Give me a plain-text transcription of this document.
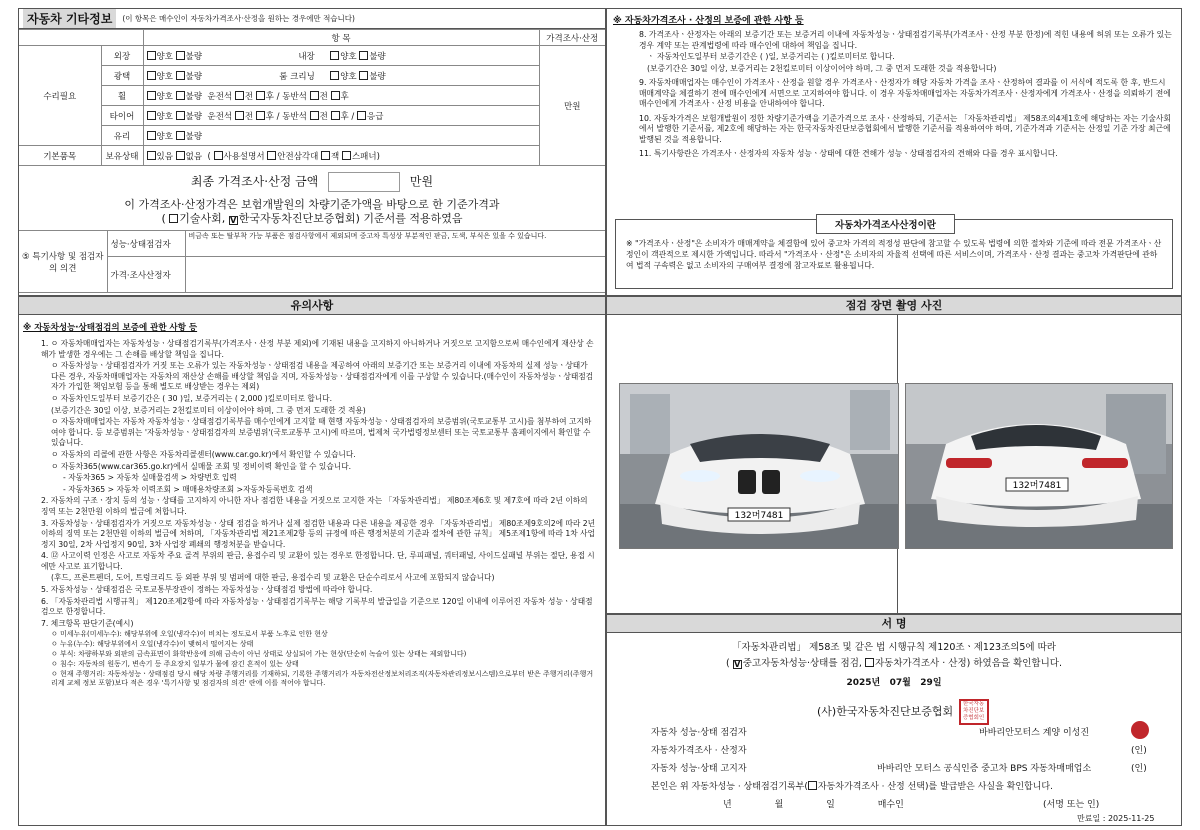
자동차 기타정보	(이 항목은 매수인이 자동차가격조사·산정을 원하는 경우에만 적습니다)
		항 목	가격조사·산정
수리필요	외장	양호 불량 내장 양호 불량	만원
	광택	양호 불량 룸 크리닝 양호 불량	
	휠	양호 불량 운전석 전 후 / 동반석 전 후	
	타이어	양호 불량 운전석 전 후 / 동반석 전 후 / 응급	
	유리	양호 불량	
기본품목	보유상태	있음 없음  ( 사용설명서 안전삼각대 잭 스패너)	
최종 가격조사·산정 금액	만원
이 가격조사·산정가격은 보험개발원의 차량기준가액을 바탕으로 한 기준가격과
( 기술사회, V 한국자동차진단보증협회) 기준서를 적용하였음
⑤ 특기사항 및 점검자의 의견	성능·상태점검자	비금속 또는 탈부착 가능 부품은 점검사항에서 제외되며 중고차 특성상 부분적인 판금, 도색, 부식은 있을 수 있습니다.
	가격·조사산정자	
※ 자동차가격조사 · 산정의 보증에 관한 사항 등

8. 가격조사ㆍ산정자는 아래의 보증기간 또는 보증거리 이내에 자동차성능ㆍ상태점검기록부(가격조사ㆍ산정 부분 한정)에 적힌 내용에 허위 또는 오류가 있는 경우 계약 또는 관계법령에 따라 매수인에 대하여 책임을 집니다.

ㆍ 자동차인도일부터 보증기간은 ( )일, 보증거리는 ( )킬로미터로 합니다.

(보증기간은 30일 이상, 보증거리는 2천킬로미터 이상이어야 하며, 그 중 먼저 도래한 것을 적용합니다)

9. 자동차매매업자는 매수인이 가격조사ㆍ산정을 원할 경우 가격조사ㆍ산정자가 해당 자동차 가격을 조사ㆍ산정하여 결과를 이 서식에 적도록 한 후, 반드시 매매계약을 체결하기 전에 매수인에게 서면으로 고지하여야 합니다. 이 경우 자동차매매업자는 자동차가격조사ㆍ산정자에게 가격조사ㆍ산정을 의뢰하기 전에 매수인에게 가격조사ㆍ산정 비용을 안내하여야 합니다.

10. 자동차가격은 보험개발원이 정한 차량기준가액을 기준가격으로 조사ㆍ산정하되, 기준서는 「자동차관리법」 제58조의4제1호에 해당하는 자는 기술사회에서 발행한 기준서를, 제2호에 해당하는 자는 한국자동차진단보증협회에서 발행한 기준서를 적용하여야 하며, 기준가격과 기준서는 산정일 기준 가장 최근에 발행된 것을 적용합니다.

11. 특기사항란은 가격조사ㆍ산정자의 자동차 성능ㆍ상태에 대한 견해가 성능ㆍ상태점검자의 견해와 다를 경우 표시합니다.

자동차가격조사산정이란
※ "가격조사ㆍ산정"은 소비자가 매매계약을 체결함에 있어 중고차 가격의 적정성 판단에 참고할 수 있도록 법령에 의한 절차와 기준에 따라 전문 가격조사ㆍ산정인이 객관적으로 제시한 가액입니다. 따라서 "가격조사ㆍ산정"은 소비자의 자율적 선택에 따른 서비스이며, 가격조사ㆍ산정 결과는 중고차 가격판단에 관하여 법적 구속력은 없고 소비자의 구매여부 결정에 참고자료로 활용됩니다.
유의사항
※ 자동차성능·상태점검의 보증에 관한 사항 등

1. ㅇ 자동차매매업자는 자동차성능ㆍ상태점검기록부(가격조사ㆍ산정 부분 제외)에 기재된 내용을 고지하지 아니하거나 거짓으로 고지함으로써 매수인에게 재산상 손해가 발생한 경우에는 그 손해를 배상할 책임을 집니다.

ㅇ 자동차성능ㆍ상태점검자가 거짓 또는 오류가 있는 자동차성능ㆍ상태점검 내용을 제공하여 아래의 보증기간 또는 보증거리 이내에 자동차의 실제 성능ㆍ상태가 다른 경우, 자동차매매업자는 자동차의 재산상 손해를 배상할 책임을 지며, 자동차성능ㆍ상태점검자에게 이를 구상할 수 있습니다.(매수인이 자동차성능ㆍ상태점검자가 가입한 책임보험 등을 통해 별도로 배상받는 경우는 제외)

ㅇ 자동차인도일부터 보증기간은 ( 30 )일, 보증거리는 ( 2,000 )킬로미터로 합니다.

(보증기간은 30일 이상, 보증거리는 2천킬로미터 이상이어야 하며, 그 중 먼저 도래한 것 적용)

ㅇ 자동차매매업자는 자동차 자동차성능ㆍ상태점검기록부를 매수인에게 고지할 때 현행 자동차성능ㆍ상태점검자의 보증범위(국토교통부 고시)를 첨부하여 고지하여야 합니다. 등 보증범위는 '자동차성능ㆍ상태점검자의 보증범위'(국토교통부 고시)에 따르며, 법제처 국가법령정보센터 또는 국토교통부 홈페이지에서 확인할 수 있습니다.

ㅇ 자동차의 리콜에 관한 사항은 자동차리콜센터(www.car.go.kr)에서 확인할 수 있습니다.

ㅇ 자동차365(www.car365.go.kr)에서 실매물 조회 및 정비이력 확인을 할 수 있습니다.

- 자동차365 > 자동차 실매물검색 > 차량번호 입력

- 자동차365 > 자동차 이력조회 > 매매용차량조회 >자동차등록번호 검색

2. 자동차의 구조ㆍ장치 등의 성능ㆍ상태를 고지하지 아니한 자나 점검한 내용을 거짓으로 고지한 자는 「자동차관리법」 제80조제6호 및 제7호에 따라 2년 이하의 징역 또는 2천만원 이하의 벌금에 처합니다.

3. 자동차성능ㆍ상태점검자가 거짓으로 자동차성능ㆍ상태 점검을 하거나 실제 점검한 내용과 다른 내용을 제공한 경우 「자동차관리법」 제80조제9호의2에 따라 2년 이하의 징역 또는 2천만원 이하의 벌금에 처하며, 「자동차관리법 제21조제2항 등의 규정에 따른 행정처분의 기준과 절차에 관한 규칙」 제5조제1항에 따라 1차 사업정지 30일, 2차 사업정지 90일, 3차 사업장 폐쇄의 행정처분을 받습니다.

4. ⑫ 사고이력 인정은 사고로 자동차 주요 골격 부위의 판금, 용접수리 및 교환이 있는 경우로 한정합니다. 단, 루피패널, 쿼터패널, 사이드실패널 부위는 절단, 용접 시에만 사고로 표기합니다.

(후드, 프론트펜더, 도어, 트렁크리드 등 외판 부위 및 범퍼에 대한 판금, 용접수리 및 교환은 단순수리로서 사고에 포함되지 않습니다)

5. 자동차성능ㆍ상태점검은 국토교통부장관이 정하는 자동차성능ㆍ상태점검 방법에 따라야 합니다.

6. 「자동차관리법 시행규칙」 제120조제2항에 따라 자동차성능ㆍ상태점검기록부는 해당 기록부의 발급일을 기준으로 120일 이내에 이루어진 자동차 성능ㆍ상태점검으로 한정합니다.

7. 체크항목 판단기준(예시)

ㅇ 미세누유(미세누수): 해당부위에 오일(냉각수)이 비치는 정도로서 부품 노후로 인한 현상

ㅇ 누유(누수): 해당부위에서 오일(냉각수)이 맺혀서 떨어지는 상태

ㅇ 부식: 차량하부와 외판의 금속표면이 화학반응에 의해 금속이 아닌 상태로 상실되어 가는 현상(단순히 녹슬어 있는 상태는 제외합니다)

ㅇ 침수: 자동차의 원동기, 변속기 등 주요장치 일부가 물에 잠긴 흔적이 있는 상태

ㅇ 현재 주행거리: 자동차성능ㆍ상태점검 당시 해당 차량 주행거리를 기재하되, 기록한 주행거리가 자동차전산정보처리조직(자동차관리정보시스템)으로부터 받은 주행거리(주행거리계 교체 정보 포함)보다 적은 경우 '특기사항 및 점검자의 의견' 란에 이를 적어야 합니다.

점검 장면 촬영 사진
132머7481
132머7481
서 명
「자동차관리법」 제58조 및 같은 법 시행규칙 제120조ㆍ제123조의5에 따라
( V 중고자동차성능·상태를 점검, 자동차가격조사 · 산정) 하였음을 확인합니다.
2025년 07월 29일
(사)한국자동차진단보증협회 한국자동차진단보증협회인
자동차 성능·상태 점검자	바바리안모터스 계양 이성진
자동차가격조사 · 산정자	(인)
자동차 성능·상태 고지자	바바리안 모터스 공식인증 중고차 BPS 자동차매매업소	(인)
본인은 위 자동차성능 · 상태점검기록부( 자동차가격조사 · 산정 선택)를 발급받은 사실을 확인합니다.
년	월	일	매수인	(서명 또는 인)
만료일 : 2025-11-25
